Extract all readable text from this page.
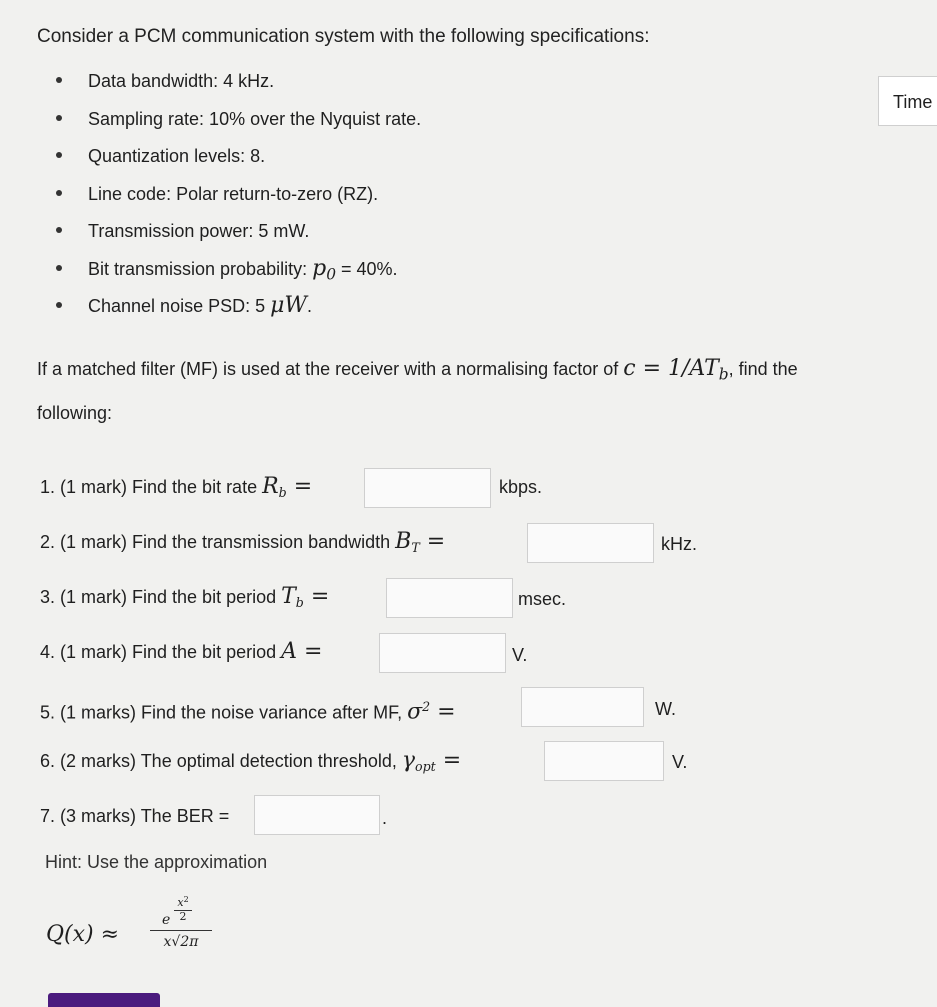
Consider a PCM communication system with the following specifications:
Data bandwidth: 4 kHz.
Sampling rate: 10% over the Nyquist rate.
Quantization levels: 8.
Line code: Polar return-to-zero (RZ).
Transmission power: 5 mW.
Bit transmission probability: $p_0 = 40\%$.
Channel noise PSD: 5 μW.
Time
If a matched filter (MF) is used at the receiver with a normalising factor of $c = 1/AT_b$, find the
following:
1. (1 mark) Find the bit rate $R_b$ =	kbps.
2. (1 mark) Find the transmission bandwidth $B_T$ =	kHz.
3. (1 mark) Find the bit period $T_b$ =	msec.
4. (1 mark) Find the bit period A =	V.
5. (1 marks) Find the noise variance after MF, $\sigma^2$ =	W.
6. (2 marks) The optimal detection threshold, $\gamma_{opt}$ =	V.
7. (3 marks) The BER =	.
Hint: Use the approximation
Q(x) ≈
e
$x^2$

2
x√2π
